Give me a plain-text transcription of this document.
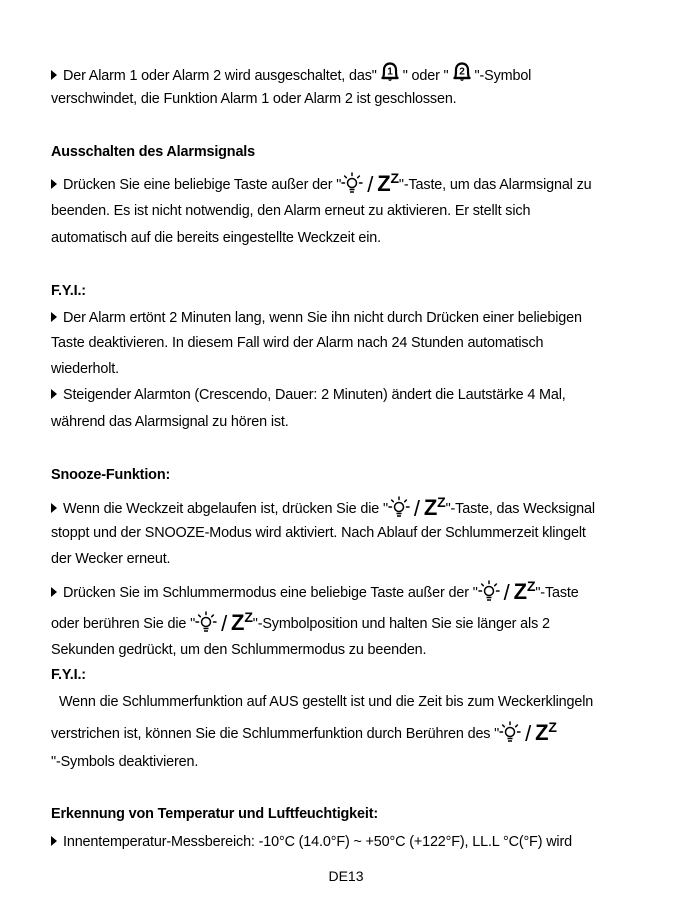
Der Alarm 1 oder Alarm 2 wird ausgeschaltet, das" 1 " oder " 2 "-Symbol
verschwindet, die Funktion Alarm 1 oder Alarm 2 ist geschlossen.
Ausschalten des Alarmsignals
Drücken Sie eine beliebige Taste außer der " / $Z^Z$"-Taste, um das Alarmsignal zu
beenden. Es ist nicht notwendig, den Alarm erneut zu aktivieren. Er stellt sich
automatisch auf die bereits eingestellte Weckzeit ein.
F.Y.I.:
Der Alarm ertönt 2 Minuten lang, wenn Sie ihn nicht durch Drücken einer beliebigen
Taste deaktivieren. In diesem Fall wird der Alarm nach 24 Stunden automatisch
wiederholt.
Steigender Alarmton (Crescendo, Dauer: 2 Minuten) ändert die Lautstärke 4 Mal,
während das Alarmsignal zu hören ist.
Snooze-Funktion:
Wenn die Weckzeit abgelaufen ist, drücken Sie die " / $Z^Z$"-Taste, das Wecksignal
stoppt und der SNOOZE-Modus wird aktiviert. Nach Ablauf der Schlummerzeit klingelt
der Wecker erneut.
Drücken Sie im Schlummermodus eine beliebige Taste außer der " / $Z^Z$"-Taste
oder berühren Sie die " / $Z^Z$"-Symbolposition und halten Sie sie länger als 2
Sekunden gedrückt, um den Schlummermodus zu beenden.
F.Y.I.:
Wenn die Schlummerfunktion auf AUS gestellt ist und die Zeit bis zum Weckerklingeln
verstrichen ist, können Sie die Schlummerfunktion durch Berühren des " / $Z^Z$
"-Symbols deaktivieren.
Erkennung von Temperatur und Luftfeuchtigkeit:
Innentemperatur-Messbereich: -10°C (14.0°F) ~ +50°C (+122°F), LL.L °C(°F) wird
DE13
